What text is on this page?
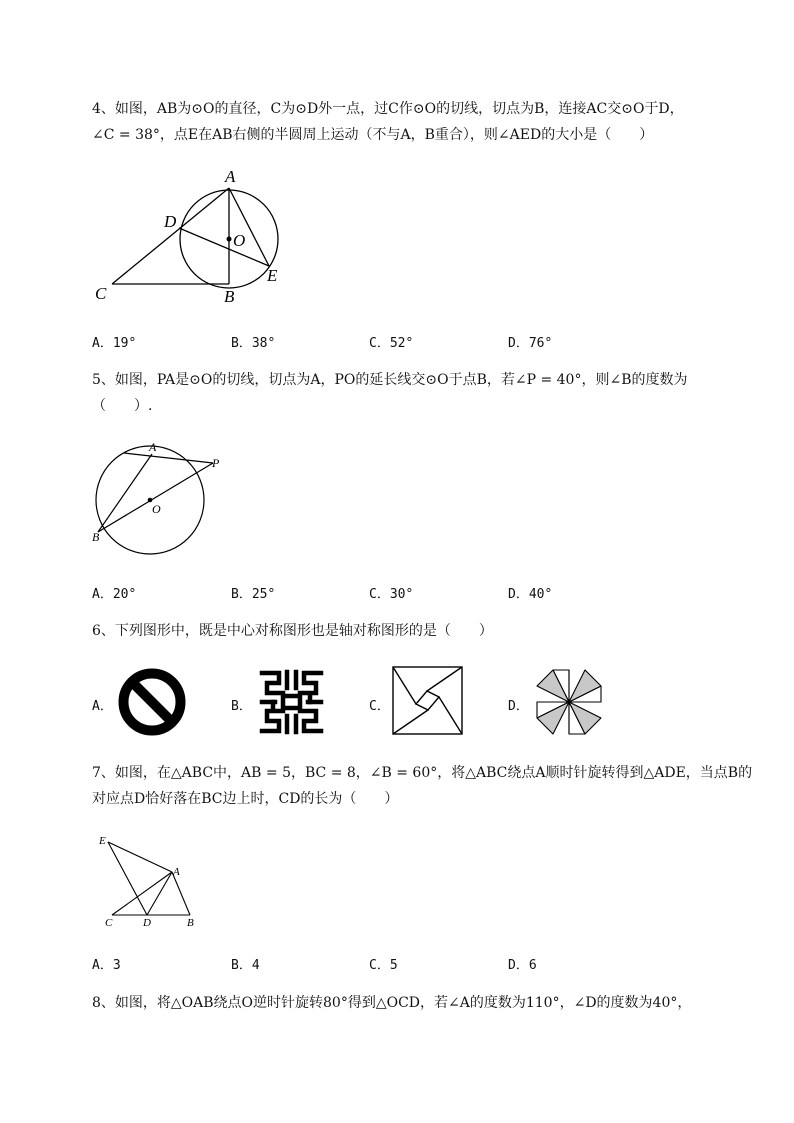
4、如图，AB为⊙O的直径，C为⊙D外一点，过C作⊙O的切线，切点为B，连接AC交⊙O于D，
∠C = 38°，点E在AB右侧的半圆周上运动（不与A，B重合），则∠AED的大小是（　　）
A
B
C
D
E
O
A．19°	B．38°	C．52°	D．76°
5、如图，PA是⊙O的切线，切点为A，PO的延长线交⊙O于点B，若∠P = 40°，则∠B的度数为
（　　）.
A
P
O
B
A．20°	B．25°	C．30°	D．40°
6、下列图形中，既是中心对称图形也是轴对称图形的是（　　）
A．	B．	C．	D．
7、如图，在△ABC中，AB = 5，BC = 8，∠B = 60°，将△ABC绕点A顺时针旋转得到△ADE，当点B的
对应点D恰好落在BC边上时，CD的长为（　　）
E
A
C	D	B
A．3	B．4	C．5	D．6
8、如图，将△OAB绕点O逆时针旋转80°得到△OCD，若∠A的度数为110°，∠D的度数为40°，
